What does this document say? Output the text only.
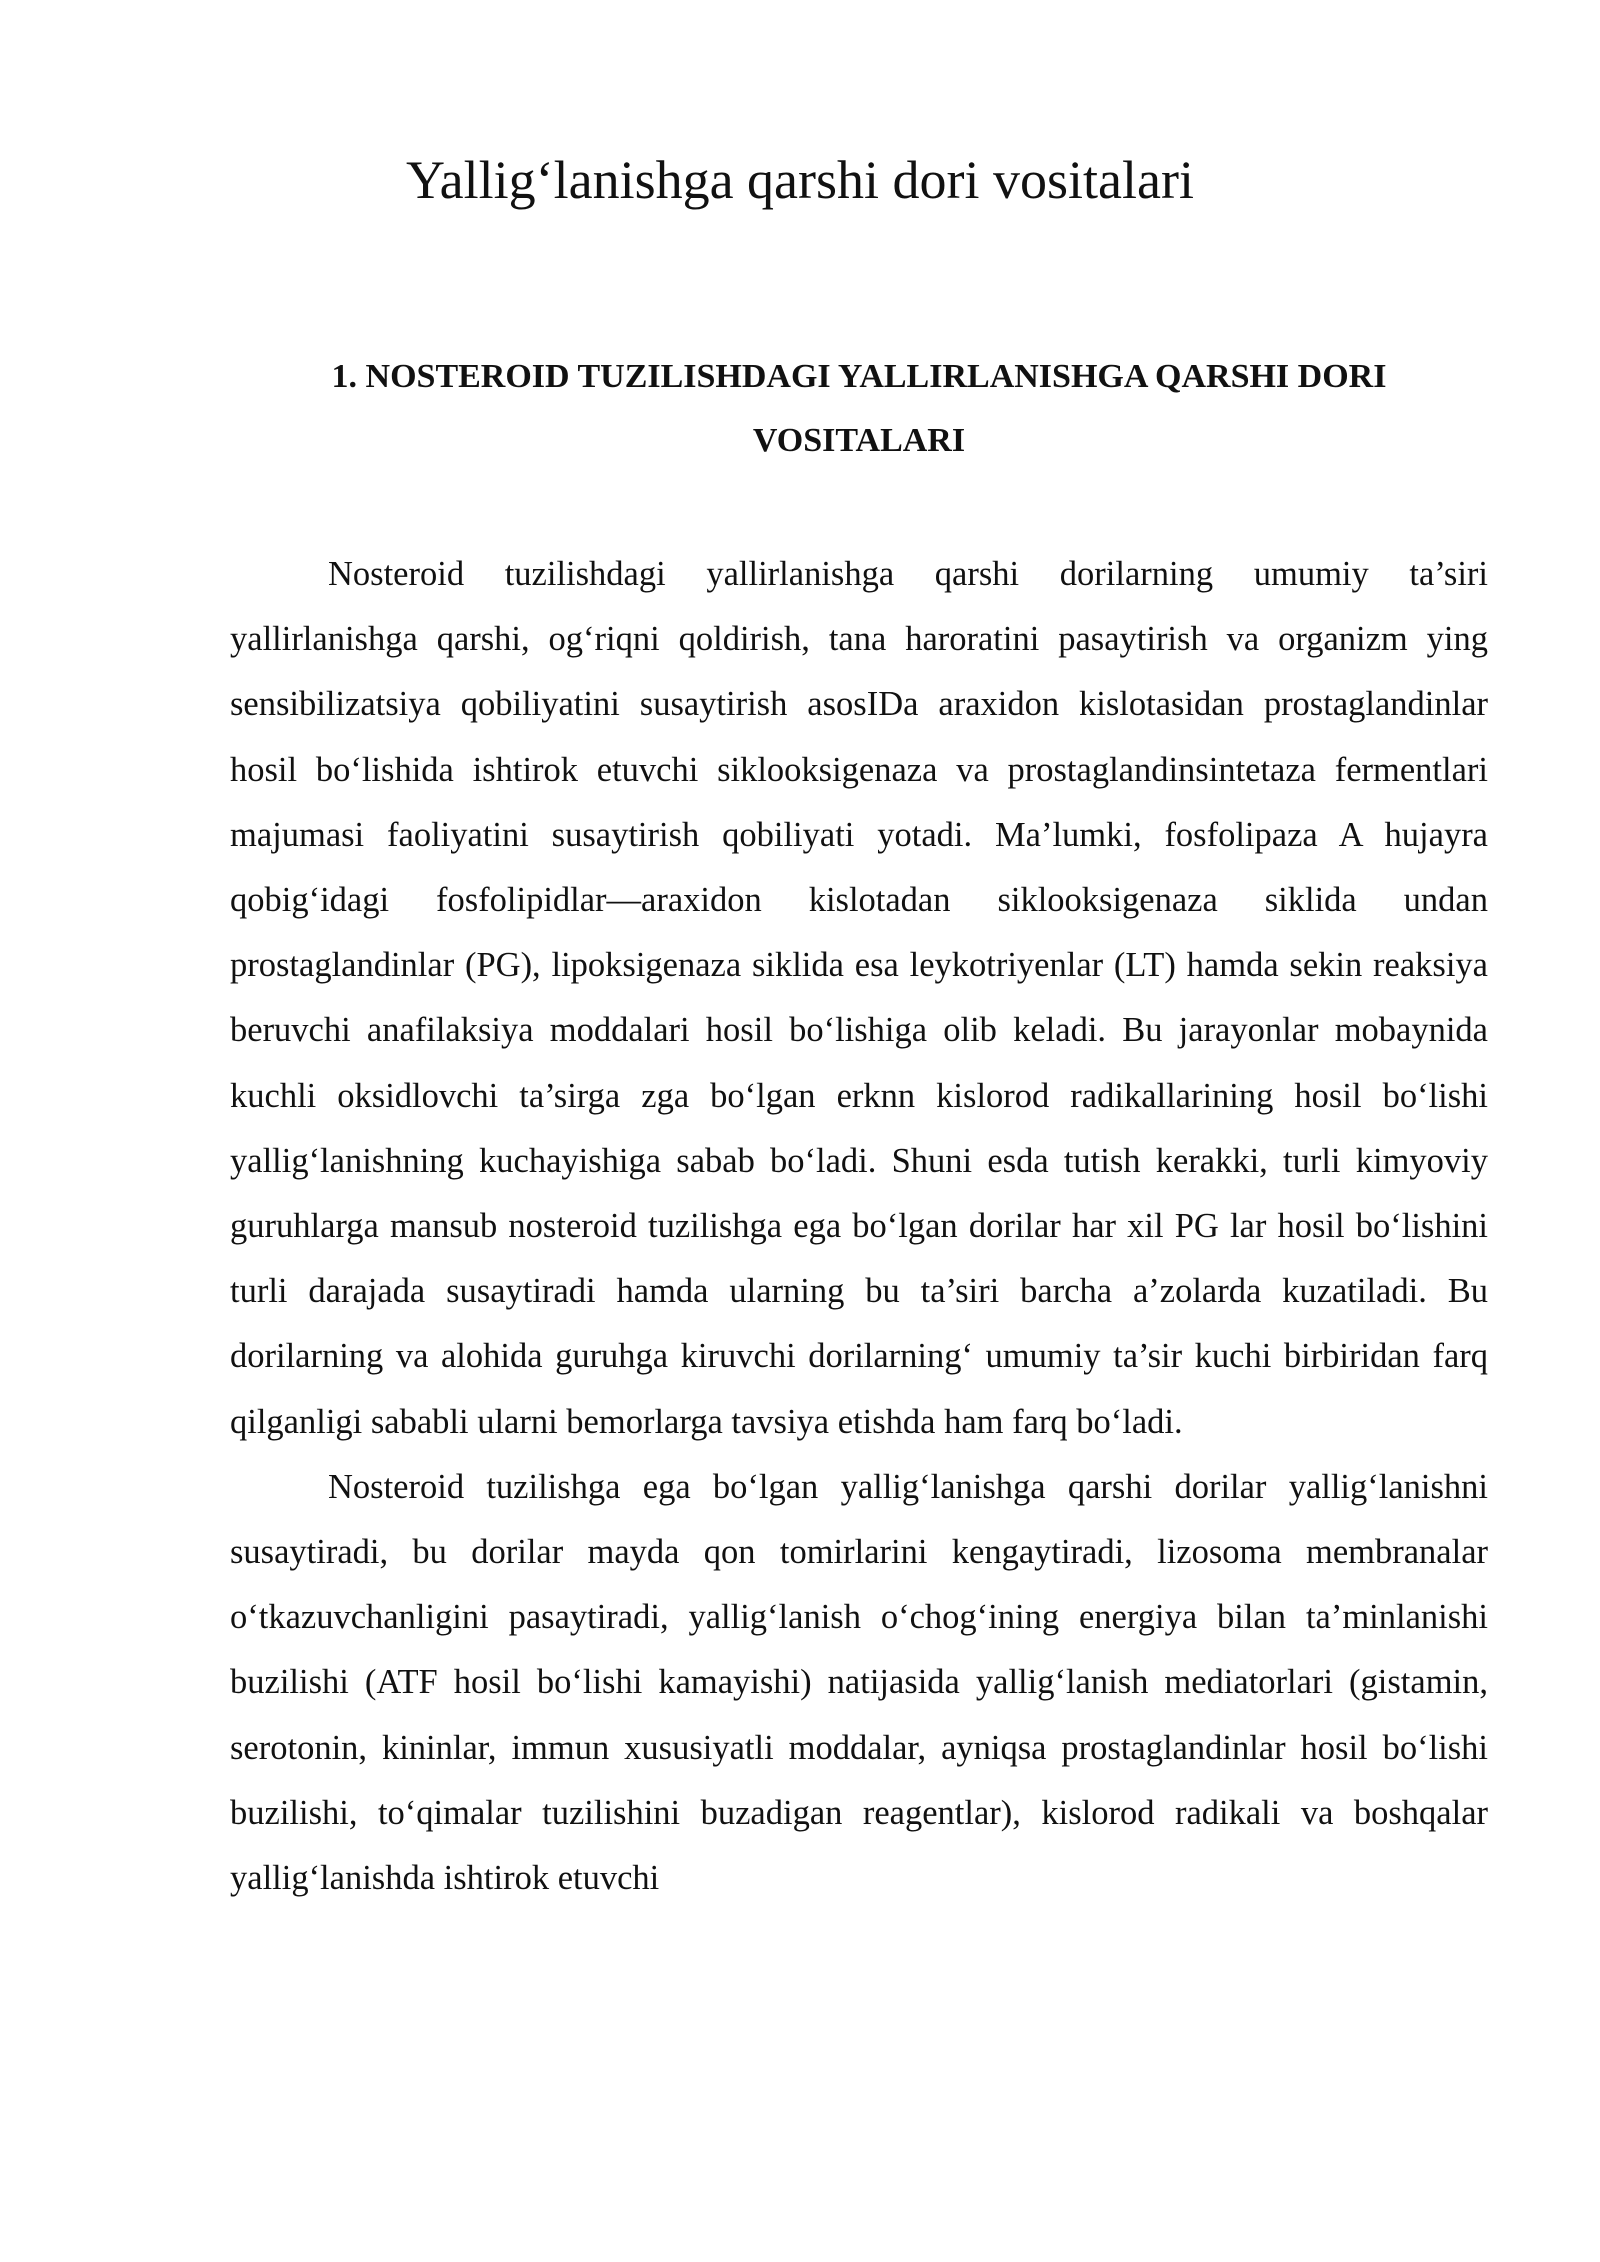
Yallig‘lanishga qarshi dori vositalari
1. NOSTEROID TUZILISHDAGI YALLIRLANISHGA QARSHI DORI VOSITALARI

Nosteroid tuzilishdagi yallirlanishga qarshi dorilarning umumiy ta’siri yallirlanishga qarshi, og‘riqni qoldirish, tana haroratini pasaytirish va organizm ying sensibilizatsiya qobiliyatini susaytirish asosIDa araxidon kislotasidan prostaglandinlar hosil bo‘lishida ishtirok etuvchi siklooksigenaza va prostaglandinsintetaza fermentlari majumasi faoliyatini susaytirish qobiliyati yotadi. Ma’lumki, fosfolipaza A hujayra qobig‘idagi fosfolipidlar—araxidon kislotadan siklooksigenaza siklida undan prostaglandinlar (PG), lipoksigenaza siklida esa leykotriyenlar (LT) hamda sekin reaksiya beruvchi anafilaksiya moddalari hosil bo‘lishiga olib keladi. Bu jarayonlar mobaynida kuchli oksidlovchi ta’sirga zga bo‘lgan erknn kislorod radikallarining hosil bo‘lishi yallig‘lanishning kuchayishiga sabab bo‘ladi. Shuni esda tutish kerakki, turli kimyoviy guruhlarga mansub nosteroid tuzilishga ega bo‘lgan dorilar har xil PG lar hosil bo‘lishini turli darajada susaytiradi hamda ularning bu ta’siri barcha a’zolarda kuzatiladi. Bu dorilarning va alohida guruhga kiruvchi dorilarning‘ umumiy ta’sir kuchi birbiridan farq qilganligi sababli ularni bemorlarga tavsiya etishda ham farq bo‘ladi.

Nosteroid tuzilishga ega bo‘lgan yallig‘lanishga qarshi dorilar yallig‘lanishni susaytiradi, bu dorilar mayda qon tomirlarini kengaytiradi, lizosoma membranalar o‘tkazuvchanligini pasaytiradi, yallig‘lanish o‘chog‘ining energiya bilan ta’minlanishi buzilishi (ATF hosil bo‘lishi kamayishi) natijasida yallig‘lanish mediatorlari (gistamin, serotonin, kininlar, immun xususiyatli moddalar, ayniqsa prostaglandinlar hosil bo‘lishi buzilishi, to‘qimalar tuzilishini buzadigan reagentlar), kislorod radikali va boshqalar yallig‘lanishda ishtirok etuvchi
